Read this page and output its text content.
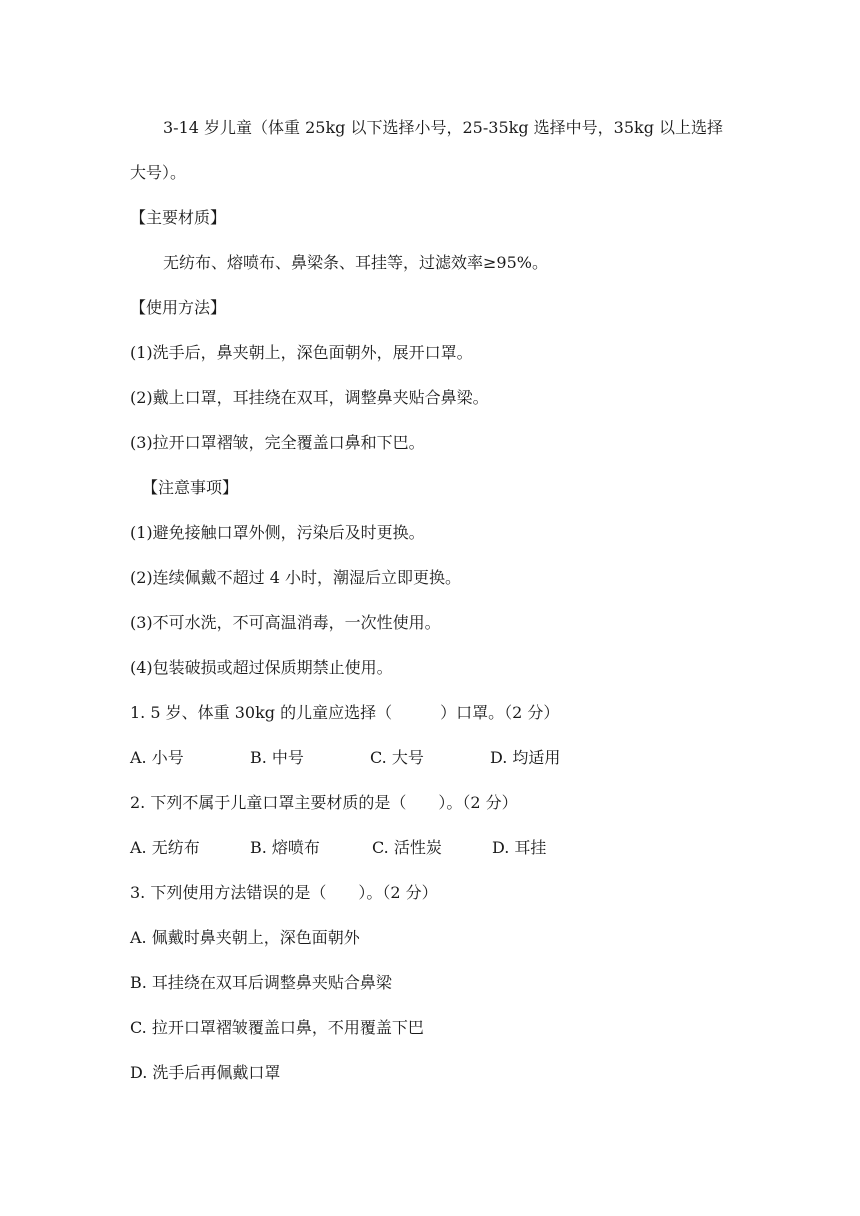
3-14 岁儿童（体重 25kg 以下选择小号，25-35kg 选择中号，35kg 以上选择
大号）。
【主要材质】
无纺布、熔喷布、鼻梁条、耳挂等，过滤效率≥95%。
【使用方法】
(1)洗手后，鼻夹朝上，深色面朝外，展开口罩。
(2)戴上口罩，耳挂绕在双耳，调整鼻夹贴合鼻梁。
(3)拉开口罩褶皱，完全覆盖口鼻和下巴。
【注意事项】
(1)避免接触口罩外侧，污染后及时更换。
(2)连续佩戴不超过 4 小时，潮湿后立即更换。
(3)不可水洗，不可高温消毒，一次性使用。
(4)包装破损或超过保质期禁止使用。
1. 5 岁、体重 30kg 的儿童应选择（　　　）口罩。（2 分）
A. 小号	B. 中号	C. 大号	D. 均适用
2. 下列不属于儿童口罩主要材质的是（　　）。（2 分）
A. 无纺布	B. 熔喷布	C. 活性炭	D. 耳挂
3. 下列使用方法错误的是（　　）。（2 分）
A. 佩戴时鼻夹朝上，深色面朝外
B. 耳挂绕在双耳后调整鼻夹贴合鼻梁
C. 拉开口罩褶皱覆盖口鼻，不用覆盖下巴
D. 洗手后再佩戴口罩
